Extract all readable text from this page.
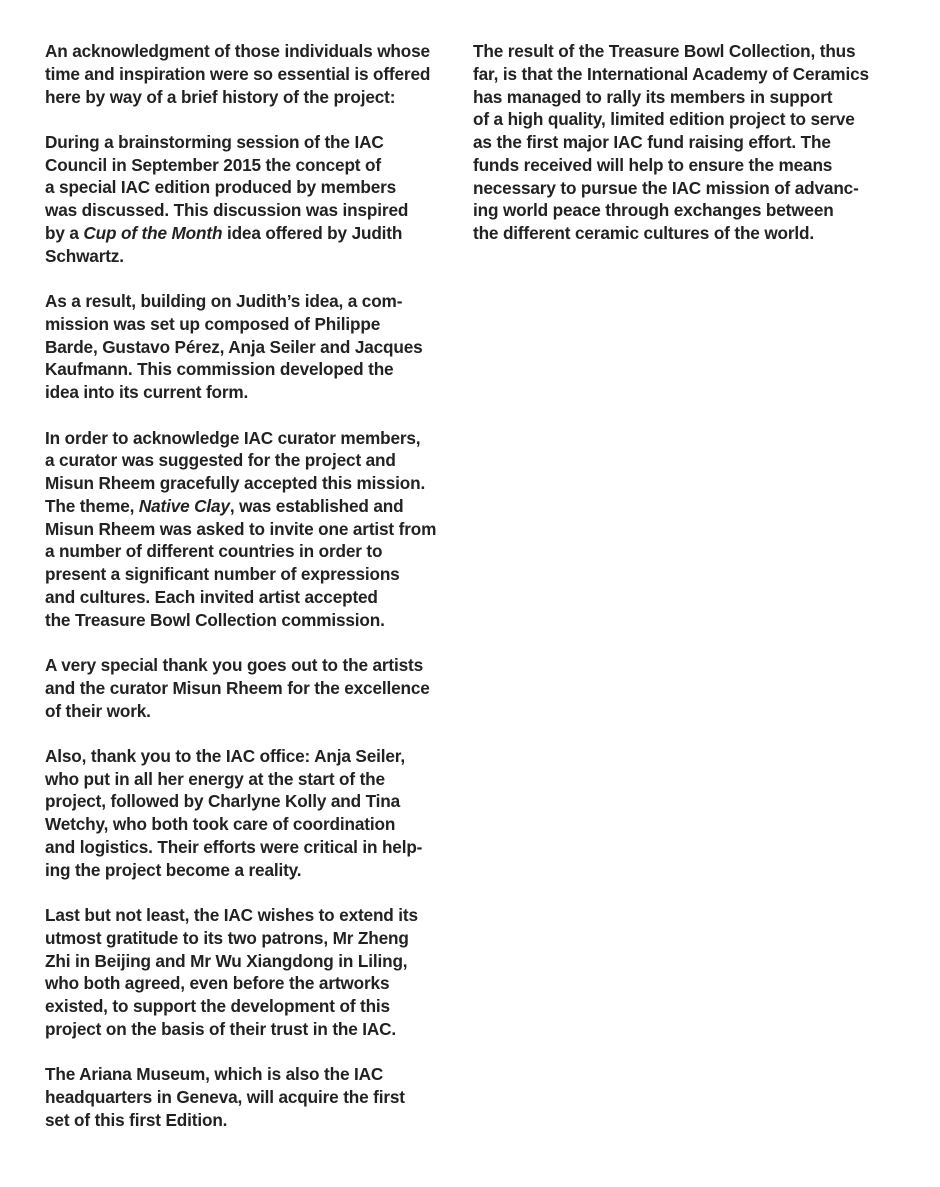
An acknowledgment of those individuals whose
time and inspiration were so essential is offered
here by way of a brief history of the project:

During a brainstorming session of the IAC
Council in September 2015 the concept of
a special IAC edition produced by members
was discussed. This discussion was inspired
by a Cup of the Month idea offered by Judith
Schwartz.

As a result, building on Judith’s idea, a com-
mission was set up composed of Philippe
Barde, Gustavo Pérez, Anja Seiler and Jacques
Kaufmann. This commission developed the
idea into its current form.

In order to acknowledge IAC curator members,
a curator was suggested for the project and
Misun Rheem gracefully accepted this mission.
The theme, Native Clay, was established and
Misun Rheem was asked to invite one artist from
a number of different countries in order to
present a significant number of expressions
and cultures. Each invited artist accepted
the Treasure Bowl Collection commission.

A very special thank you goes out to the artists
and the curator Misun Rheem for the excellence
of their work.

Also, thank you to the IAC office: Anja Seiler,
who put in all her energy at the start of the
project, followed by Charlyne Kolly and Tina
Wetchy, who both took care of coordination
and logistics. Their efforts were critical in help-
ing the project become a reality.

Last but not least, the IAC wishes to extend its
utmost gratitude to its two patrons, Mr Zheng
Zhi in Beijing and Mr Wu Xiangdong in Liling,
who both agreed, even before the artworks
existed, to support the development of this
project on the basis of their trust in the IAC.

The Ariana Museum, which is also the IAC
headquarters in Geneva, will acquire the first
set of this first Edition.

The result of the Treasure Bowl Collection, thus
far, is that the International Academy of Ceramics
has managed to rally its members in support
of a high quality, limited edition project to serve
as the first major IAC fund raising effort. The
funds received will help to ensure the means
necessary to pursue the IAC mission of advanc-
ing world peace through exchanges between
the different ceramic cultures of the world.
